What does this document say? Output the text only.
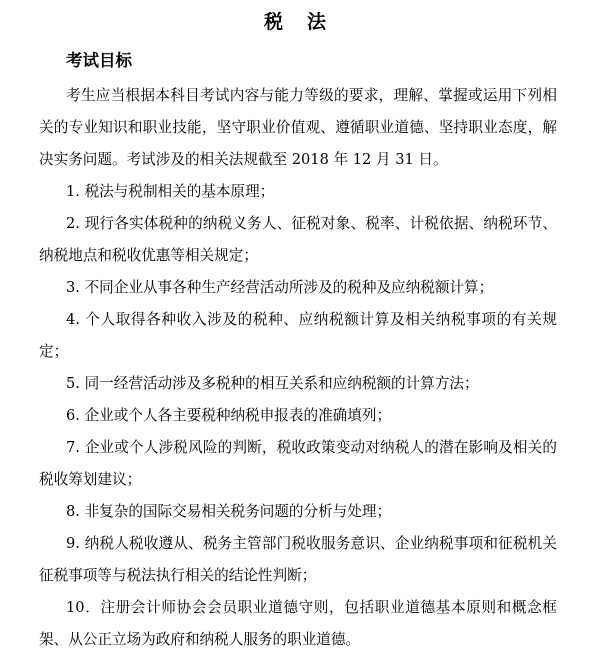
税 法
考试目标

考生应当根据本科目考试内容与能力等级的要求，理解、掌握或运用下列相关的专业知识和职业技能，坚守职业价值观、遵循职业道德、坚持职业态度，解决实务问题。考试涉及的相关法规截至 2018 年 12 月 31 日。

1. 税法与税制相关的基本原理；

2. 现行各实体税种的纳税义务人、征税对象、税率、计税依据、纳税环节、纳税地点和税收优惠等相关规定；

3. 不同企业从事各种生产经营活动所涉及的税种及应纳税额计算；

4. 个人取得各种收入涉及的税种、应纳税额计算及相关纳税事项的有关规定；

5. 同一经营活动涉及多税种的相互关系和应纳税额的计算方法；

6. 企业或个人各主要税种纳税申报表的准确填列；

7. 企业或个人涉税风险的判断，税收政策变动对纳税人的潜在影响及相关的税收筹划建议；

8. 非复杂的国际交易相关税务问题的分析与处理；

9. 纳税人税收遵从、税务主管部门税收服务意识、企业纳税事项和征税机关征税事项等与税法执行相关的结论性判断；

10．注册会计师协会会员职业道德守则，包括职业道德基本原则和概念框架、从公正立场为政府和纳税人服务的职业道德。
